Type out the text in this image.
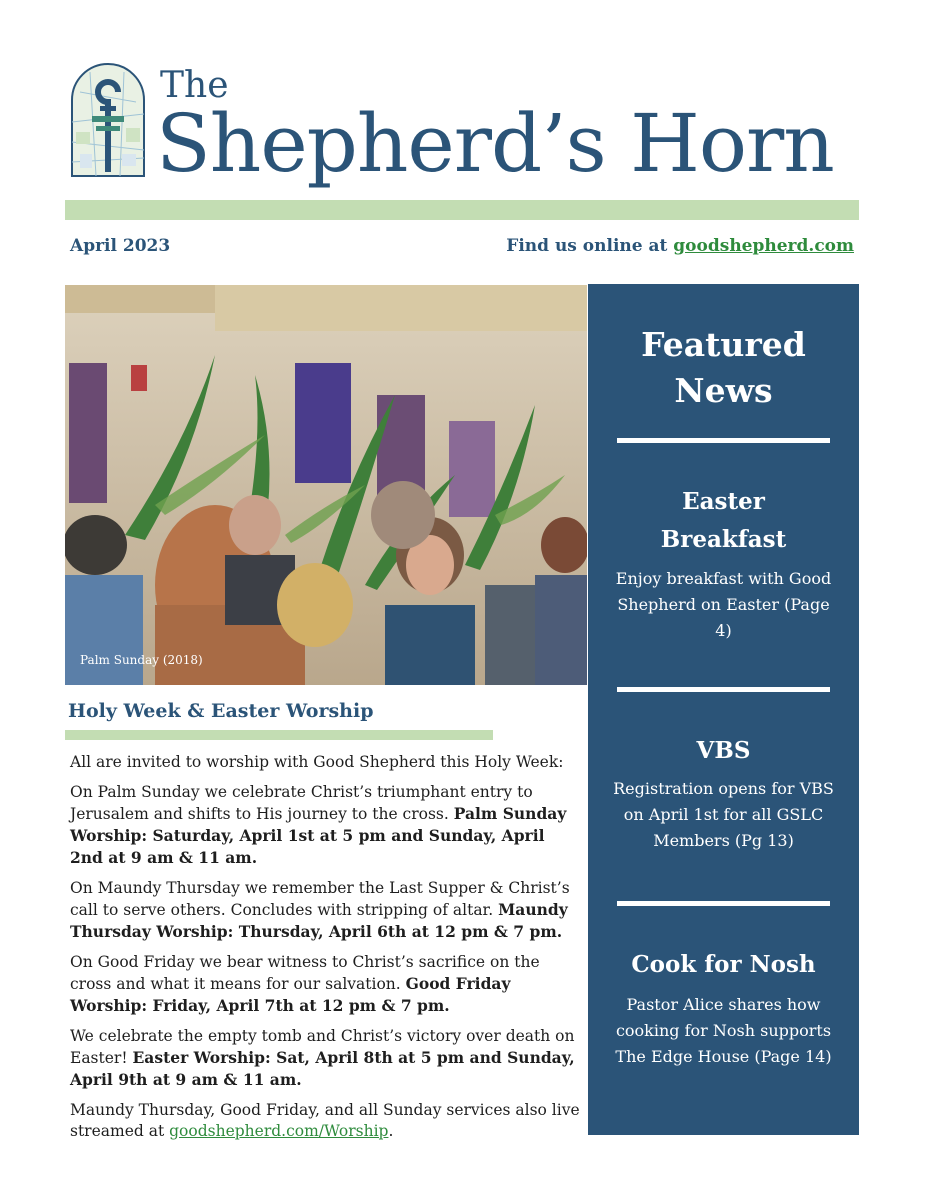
The
Shepherd’s Horn
April 2023	Find us online at goodshepherd.com
Palm Sunday (2018)
Holy Week & Easter Worship

All are invited to worship with Good Shepherd this Holy Week:

On Palm Sunday we celebrate Christ’s triumphant entry to Jerusalem and shifts to His journey to the cross. Palm Sunday Worship: Saturday, April 1st at 5 pm and Sunday, April 2nd at 9 am & 11 am.

On Maundy Thursday we remember the Last Supper & Christ’s call to serve others. Concludes with stripping of altar. Maundy Thursday Worship: Thursday, April 6th at 12 pm & 7 pm.

On Good Friday we bear witness to Christ’s sacrifice on the cross and what it means for our salvation. Good Friday Worship: Friday, April 7th at 12 pm & 7 pm.

We celebrate the empty tomb and Christ’s victory over death on Easter! Easter Worship: Sat, April 8th at 5 pm and Sunday, April 9th at 9 am & 11 am.

Maundy Thursday, Good Friday, and all Sunday services also live streamed at goodshepherd.com/Worship.

Featured
News
Easter
Breakfast
Enjoy breakfast with Good Shepherd on Easter (Page 4)
VBS
Registration opens for VBS on April 1st for all GSLC Members (Pg 13)
Cook for Nosh
Pastor Alice shares how cooking for Nosh supports The Edge House (Page 14)
